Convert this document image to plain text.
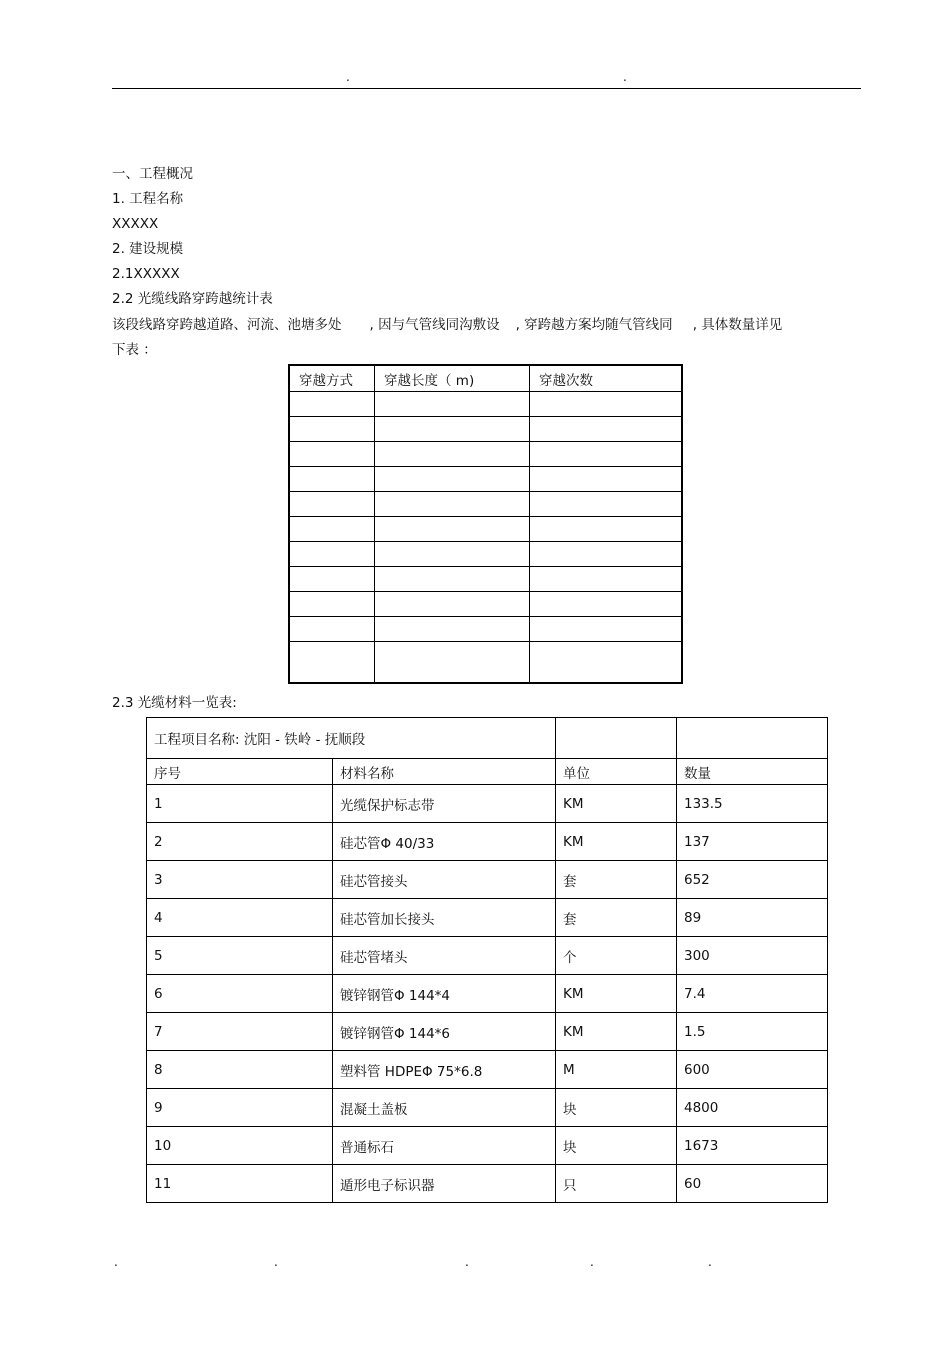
.	.
一、工程概况
1. 工程名称
XXXXX
2. 建设规模
2.1XXXXX
2.2 光缆线路穿跨越统计表
该段线路穿跨越道路、河流、池塘多处 , 因与气管线同沟敷设 , 穿跨越方案均随气管线同 , 具体数量详见
下表 ：
穿越方式	穿越长度（ m)	穿越次数

2.3 光缆材料一览表:
工程项目名称: 沈阳 - 铁岭 - 抚顺段			
序号	材料名称	单位	数量
1	光缆保护标志带	KM	133.5
2	硅芯管Φ 40/33	KM	137
3	硅芯管接头	套	652
4	硅芯管加长接头	套	89
5	硅芯管堵头	个	300
6	镀锌钢管Φ 144*4	KM	7.4
7	镀锌钢管Φ 144*6	KM	1.5
8	塑料管 HDPEΦ 75*6.8	M	600
9	混凝土盖板	块	4800
10	普通标石	块	1673
11	遁形电子标识器	只	60
.	.	.	.	.
